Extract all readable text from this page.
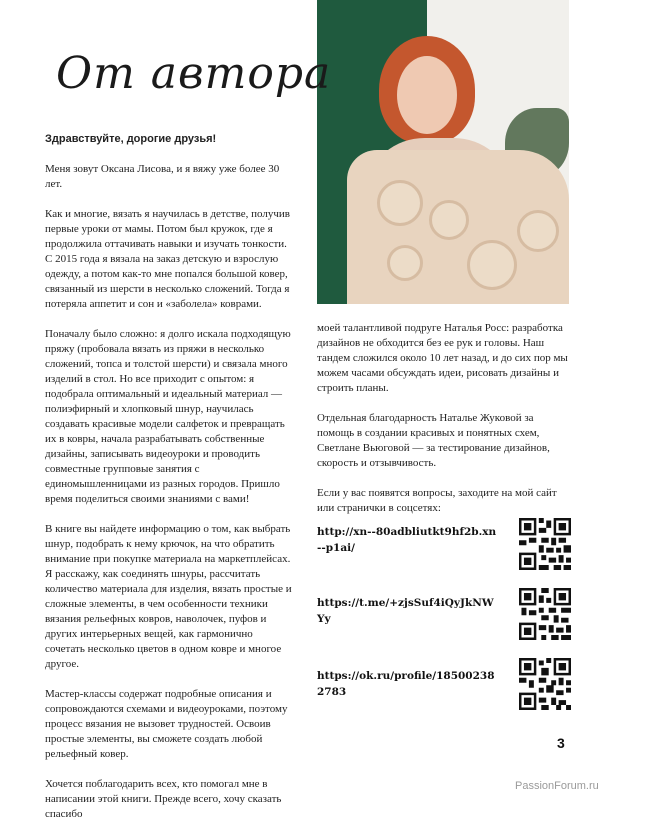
От автора

Здравствуйте, дорогие друзья!

Меня зовут Оксана Лисова, и я вяжу уже более 30 лет.

Как и многие, вязать я научилась в детстве, получив первые уроки от мамы. Потом был кружок, где я продолжила оттачивать навыки и изучать тонкости. С 2015 года я вязала на заказ детскую и взрослую одежду, а потом как-то мне попался большой ковер, связанный из шерсти в несколько сложений. Тогда я потеряла аппетит и сон и «заболела» коврами.

Поначалу было сложно: я долго искала подходящую пряжу (пробовала вязать из пряжи в несколько сложений, топса и толстой шерсти) и связала много изделий в стол. Но все приходит с опытом: я подобрала оптимальный и идеальный материал — полиэфирный и хлопковый шнур, научилась создавать красивые модели салфеток и превращать их в ковры, начала разрабатывать собственные дизайны, записывать видеоуроки и проводить совместные групповые занятия с единомышленницами из разных городов. Пришло время поделиться своими знаниями с вами!

В книге вы найдете информацию о том, как выбрать шнур, подобрать к нему крючок, на что обратить внимание при покупке материала на маркетплейсах. Я расскажу, как соединять шнуры, рассчитать количество материала для изделия, вязать простые и сложные элементы, в чем особенности техники вязания рельефных ковров, наволочек, пуфов и других интерьерных вещей, как гармонично сочетать несколько цветов в одном ковре и многое другое.

Мастер-классы содержат подробные описания и сопровождаются схемами и видеоуроками, поэтому процесс вязания не вызовет трудностей. Освоив простые элементы, вы сможете создать любой рельефный ковер.

Хочется поблагодарить всех, кто помогал мне в написании этой книги. Прежде всего, хочу сказать спасибо

моей талантливой подруге Наталья Росс: разработка дизайнов не обходится без ее рук и головы. Наш тандем сложился около 10 лет назад, и до сих пор мы можем часами обсуждать идеи, рисовать дизайны и строить планы.

Отдельная благодарность Наталье Жуковой за помощь в создании красивых и понятных схем, Светлане Вьюговой — за тестирование дизайнов, скорость и отзывчивость.

Если у вас появятся вопросы, заходите на мой сайт или странички в соцсетях:

http://xn--80adbliutkt9hf2b.xn--p1ai/
https://t.me/+zjsSuf4iQyJkNWYy
https://ok.ru/profile/185002382783
3
PassionForum.ru
